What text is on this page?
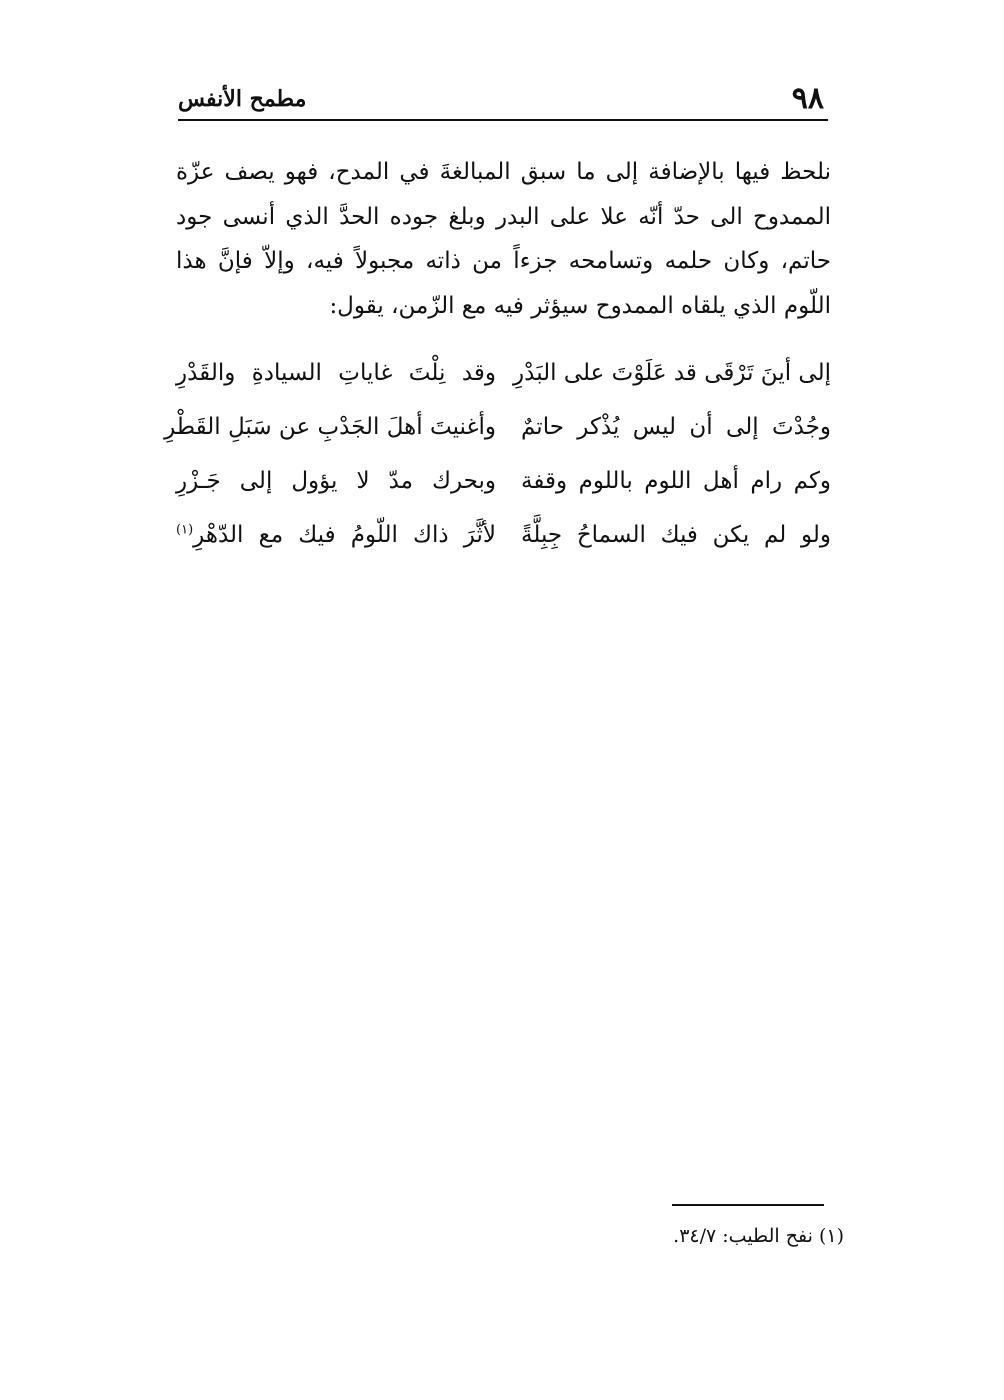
٩٨
مطمح الأنفس

نلحظ فيها بالإضافة إلى ما سبق المبالغةَ في المدح، فهو يصف عزّة الممدوح الى حدّ أنّه علا على البدر وبلغ جوده الحدَّ الذي أنسى جود حاتم، وكان حلمه وتسامحه جزءاً من ذاته مجبولاً فيه، وإلاّ فإنَّ هذا اللّوم الذي يلقاه الممدوح سيؤثر فيه مع الزّمن، يقول:

إلى أينَ تَرْقَى قد عَلَوْتَ على البَدْرِ
وقد نِلْتَ غاياتِ السيادةِ والقَدْرِ
وجُدْتَ إلى أن ليس يُذْكر حاتمٌ
وأغنيتَ أهلَ الجَدْبِ عن سَبَلِ القَطْرِ
وكم رام أهل اللوم باللوم وقفة
وبحرك مدّ لا يؤول إلى جَـزْرِ
ولو لم يكن فيك السماحُ جِبِلَّةً
لأثَّرَ ذاك اللّومُ فيك مع الدّهْرِ$^{(١)}$
(١) نفح الطيب: ٣٤/٧.
